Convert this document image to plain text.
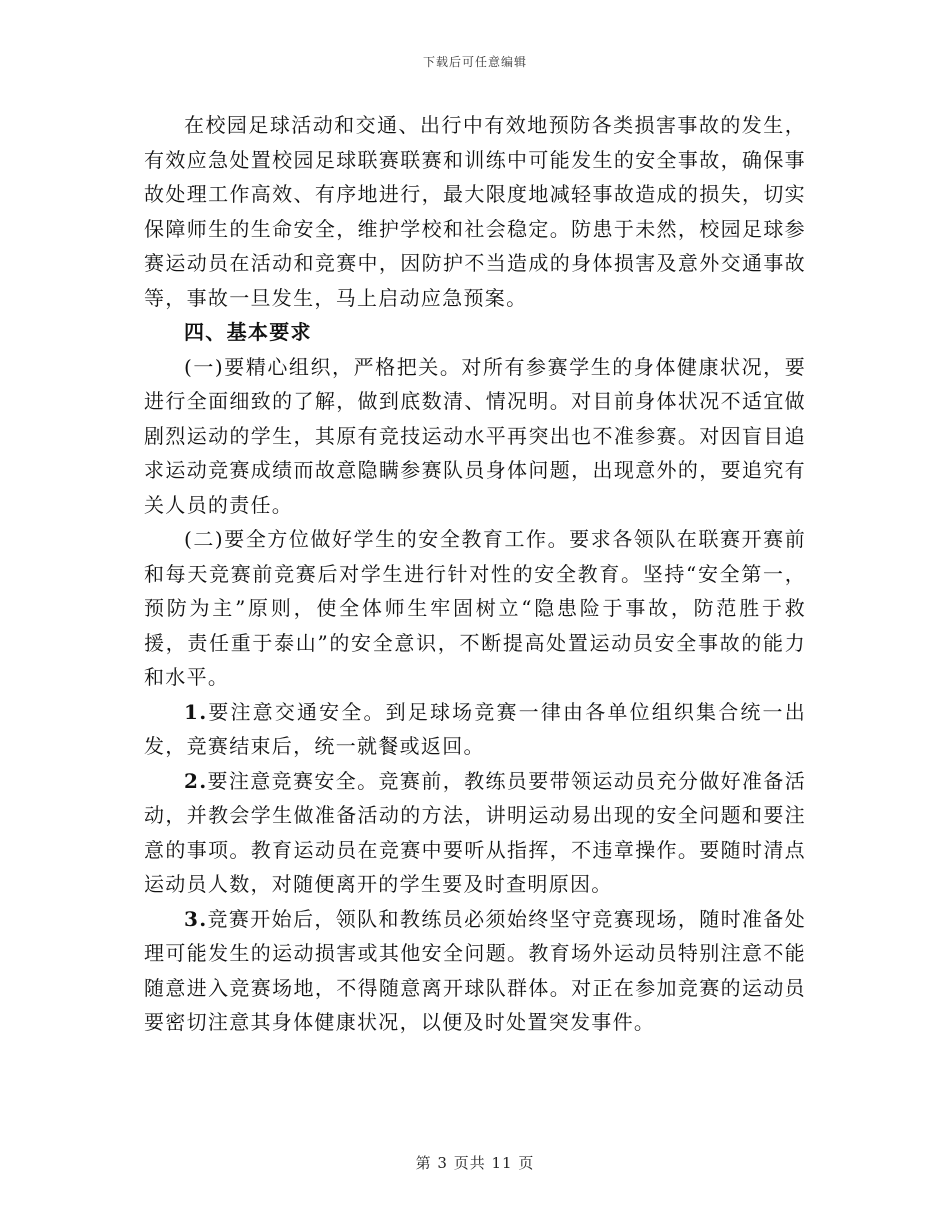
下载后可任意编辑

在校园足球活动和交通、出行中有效地预防各类损害事故的发生，有效应急处置校园足球联赛联赛和训练中可能发生的安全事故，确保事故处理工作高效、有序地进行，最大限度地减轻事故造成的损失，切实保障师生的生命安全，维护学校和社会稳定。防患于未然，校园足球参赛运动员在活动和竞赛中，因防护不当造成的身体损害及意外交通事故等，事故一旦发生，马上启动应急预案。

四、基本要求

(一)要精心组织，严格把关。对所有参赛学生的身体健康状况，要进行全面细致的了解，做到底数清、情况明。对目前身体状况不适宜做剧烈运动的学生，其原有竞技运动水平再突出也不准参赛。对因盲目追求运动竞赛成绩而故意隐瞒参赛队员身体问题，出现意外的，要追究有关人员的责任。

(二)要全方位做好学生的安全教育工作。要求各领队在联赛开赛前和每天竞赛前竞赛后对学生进行针对性的安全教育。坚持“安全第一，预防为主”原则，使全体师生牢固树立“隐患险于事故，防范胜于救援，责任重于泰山”的安全意识，不断提高处置运动员安全事故的能力和水平。

1.要注意交通安全。到足球场竞赛一律由各单位组织集合统一出发，竞赛结束后，统一就餐或返回。

2.要注意竞赛安全。竞赛前，教练员要带领运动员充分做好准备活动，并教会学生做准备活动的方法，讲明运动易出现的安全问题和要注意的事项。教育运动员在竞赛中要听从指挥，不违章操作。要随时清点运动员人数，对随便离开的学生要及时查明原因。

3.竞赛开始后，领队和教练员必须始终坚守竞赛现场，随时准备处理可能发生的运动损害或其他安全问题。教育场外运动员特别注意不能随意进入竞赛场地，不得随意离开球队群体。对正在参加竞赛的运动员要密切注意其身体健康状况，以便及时处置突发事件。

第 3 页共 11 页
